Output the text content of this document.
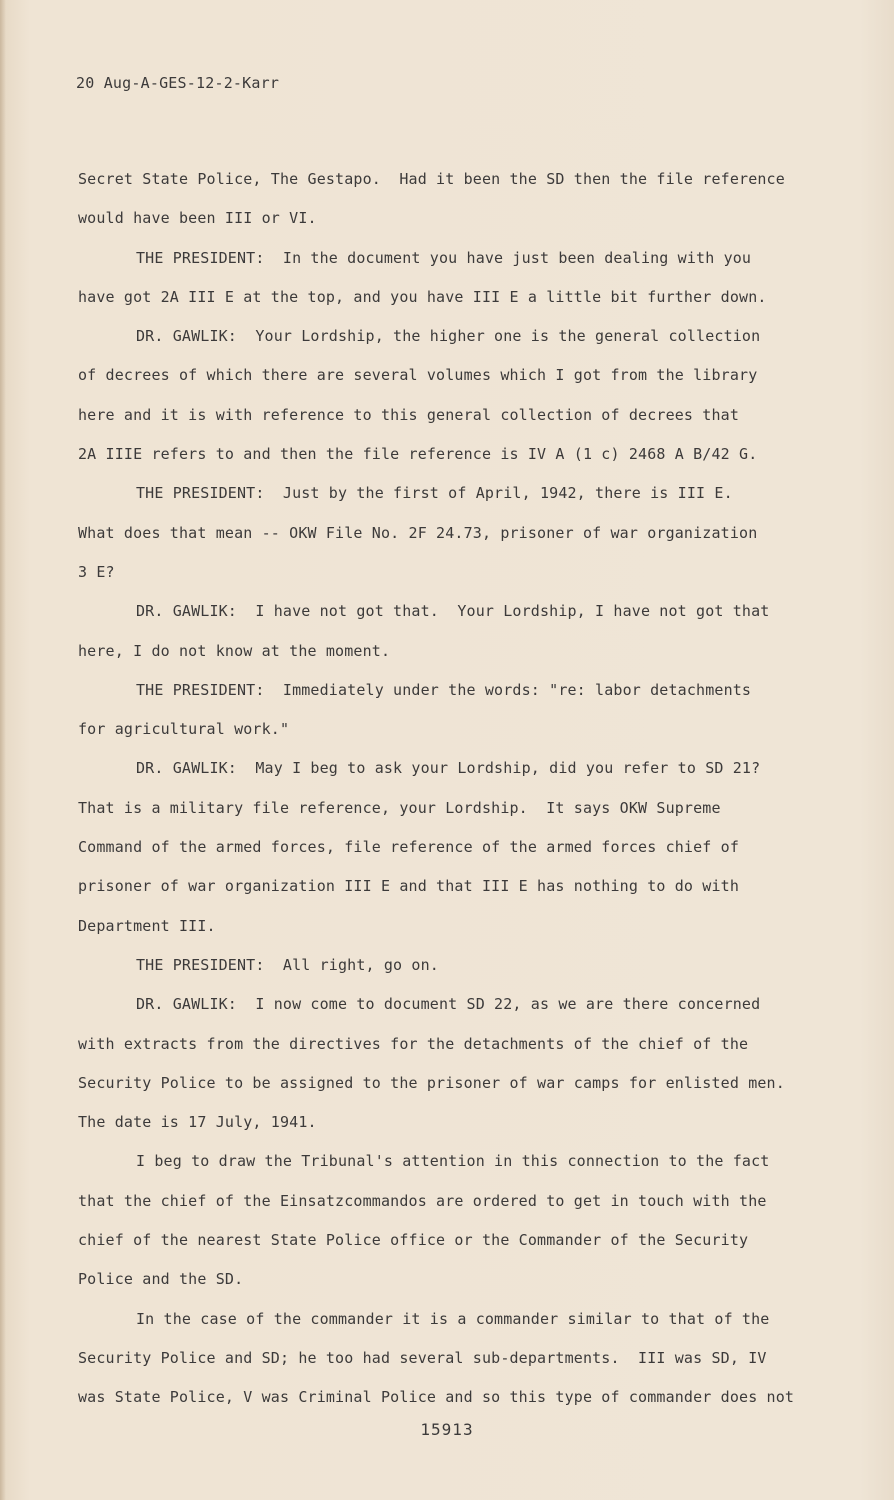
20 Aug-A-GES-12-2-Karr
Secret State Police, The Gestapo.  Had it been the SD then the file reference
would have been III or VI.
THE PRESIDENT:  In the document you have just been dealing with you
have got 2A III E at the top, and you have III E a little bit further down.
DR. GAWLIK:  Your Lordship, the higher one is the general collection
of decrees of which there are several volumes which I got from the library
here and it is with reference to this general collection of decrees that
2A IIIE refers to and then the file reference is IV A (1 c) 2468 A B/42 G.
THE PRESIDENT:  Just by the first of April, 1942, there is III E.
What does that mean -- OKW File No. 2F 24.73, prisoner of war organization
3 E?
DR. GAWLIK:  I have not got that.  Your Lordship, I have not got that
here, I do not know at the moment.
THE PRESIDENT:  Immediately under the words: "re: labor detachments
for agricultural work."
DR. GAWLIK:  May I beg to ask your Lordship, did you refer to SD 21?
That is a military file reference, your Lordship.  It says OKW Supreme
Command of the armed forces, file reference of the armed forces chief of
prisoner of war organization III E and that III E has nothing to do with
Department III.
THE PRESIDENT:  All right, go on.
DR. GAWLIK:  I now come to document SD 22, as we are there concerned
with extracts from the directives for the detachments of the chief of the
Security Police to be assigned to the prisoner of war camps for enlisted men.
The date is 17 July, 1941.
I beg to draw the Tribunal's attention in this connection to the fact
that the chief of the Einsatzcommandos are ordered to get in touch with the
chief of the nearest State Police office or the Commander of the Security
Police and the SD.
In the case of the commander it is a commander similar to that of the
Security Police and SD; he too had several sub-departments.  III was SD, IV
was State Police, V was Criminal Police and so this type of commander does not
15913
